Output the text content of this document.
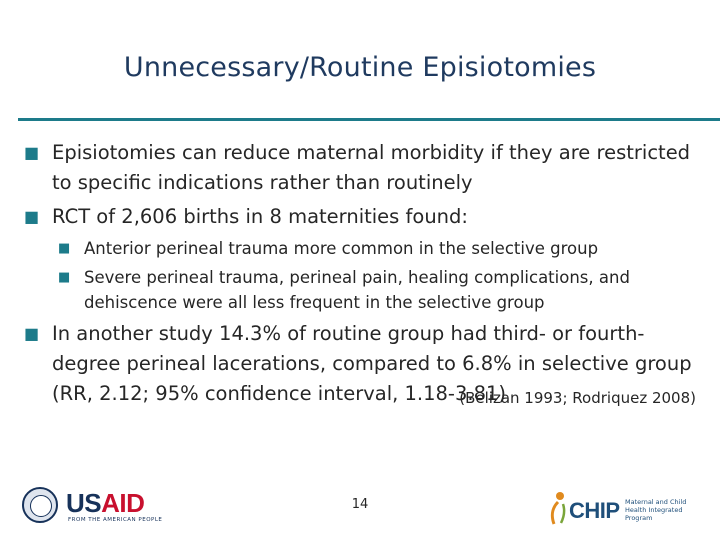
Unnecessary/Routine Episiotomies
■ Episiotomies can reduce maternal morbidity if they are restricted to specific indications rather than routinely
■ RCT of 2,606 births in 8 maternities found:
■ Anterior perineal trauma more common in the selective group
■ Severe perineal trauma, perineal pain, healing complications, and dehiscence were all less frequent in the selective group
■ In another study 14.3% of routine group had third- or fourth-degree perineal lacerations, compared to 6.8% in selective group (RR, 2.12; 95% confidence interval, 1.18-3.81)
(Belizan 1993; Rodriquez 2008)
14
USAID
FROM THE AMERICAN PEOPLE	CHIP Maternal and Child Health Integrated Program
